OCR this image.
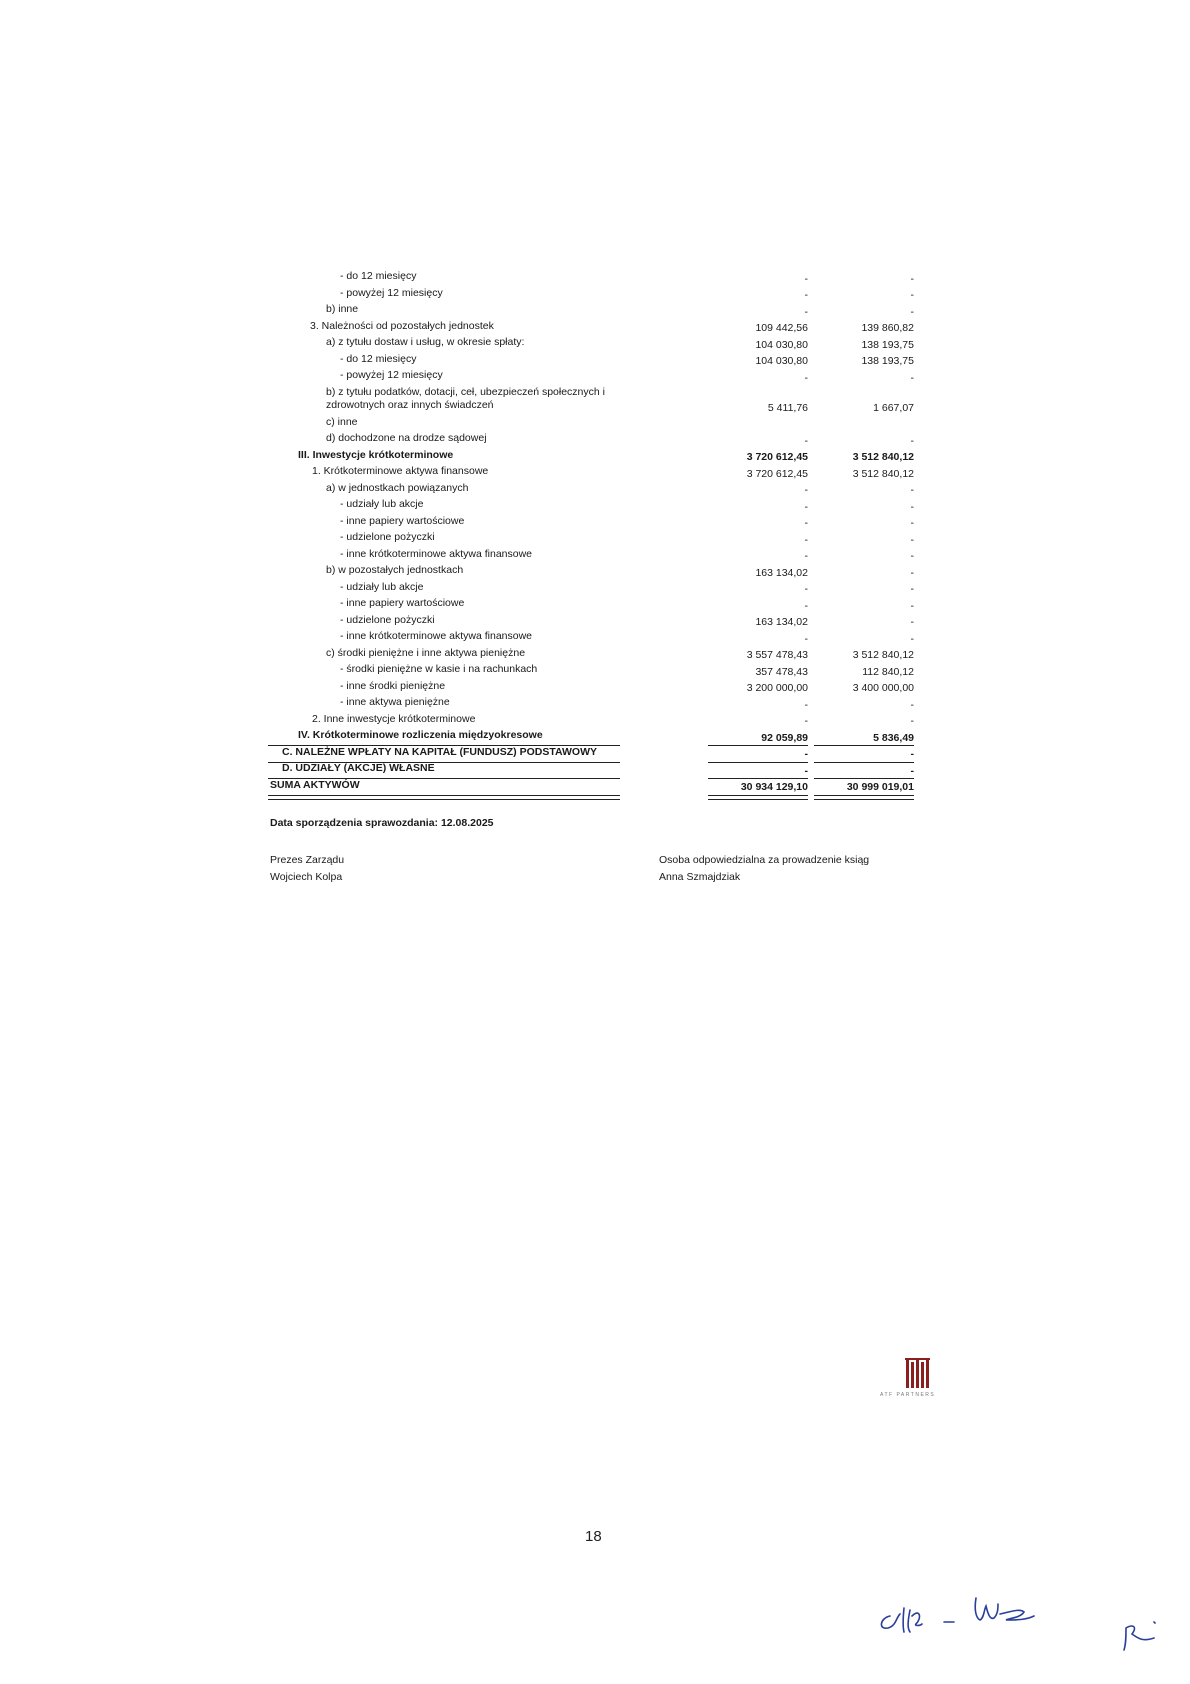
- do 12 miesięcy	-	-
- powyżej 12 miesięcy	-	-
b) inne	-	-
3. Należności od pozostałych jednostek	109 442,56	139 860,82
a) z tytułu dostaw i usług, w okresie spłaty:	104 030,80	138 193,75
- do 12 miesięcy	104 030,80	138 193,75
- powyżej 12 miesięcy	-	-
b) z tytułu podatków, dotacji, ceł, ubezpieczeń społecznych i zdrowotnych oraz innych świadczeń	5 411,76	1 667,07
c) inne
d) dochodzone na drodze sądowej	-	-
III. Inwestycje krótkoterminowe	3 720 612,45	3 512 840,12
1. Krótkoterminowe aktywa finansowe	3 720 612,45	3 512 840,12
a) w jednostkach powiązanych	-	-
- udziały lub akcje	-	-
- inne papiery wartościowe	-	-
- udzielone pożyczki	-	-
- inne krótkoterminowe aktywa finansowe	-	-
b) w pozostałych jednostkach	163 134,02	-
- udziały lub akcje	-	-
- inne papiery wartościowe	-	-
- udzielone pożyczki	163 134,02	-
- inne krótkoterminowe aktywa finansowe	-	-
c) środki pieniężne i inne aktywa pieniężne	3 557 478,43	3 512 840,12
- środki pieniężne w kasie i na rachunkach	357 478,43	112 840,12
- inne środki pieniężne	3 200 000,00	3 400 000,00
- inne aktywa pieniężne	-	-
2. Inne inwestycje krótkoterminowe	-	-
IV. Krótkoterminowe rozliczenia międzyokresowe	92 059,89	5 836,49
C. NALEŻNE WPŁATY NA KAPITAŁ (FUNDUSZ) PODSTAWOWY	-	-
D. UDZIAŁY (AKCJE) WŁASNE	-	-
SUMA AKTYWÓW	30 934 129,10	30 999 019,01
Data sporządzenia sprawozdania: 12.08.2025
Prezes Zarządu
Wojciech Kolpa
Osoba odpowiedzialna za prowadzenie ksiąg
Anna Szmajdziak
ATF PARTNERS
18
